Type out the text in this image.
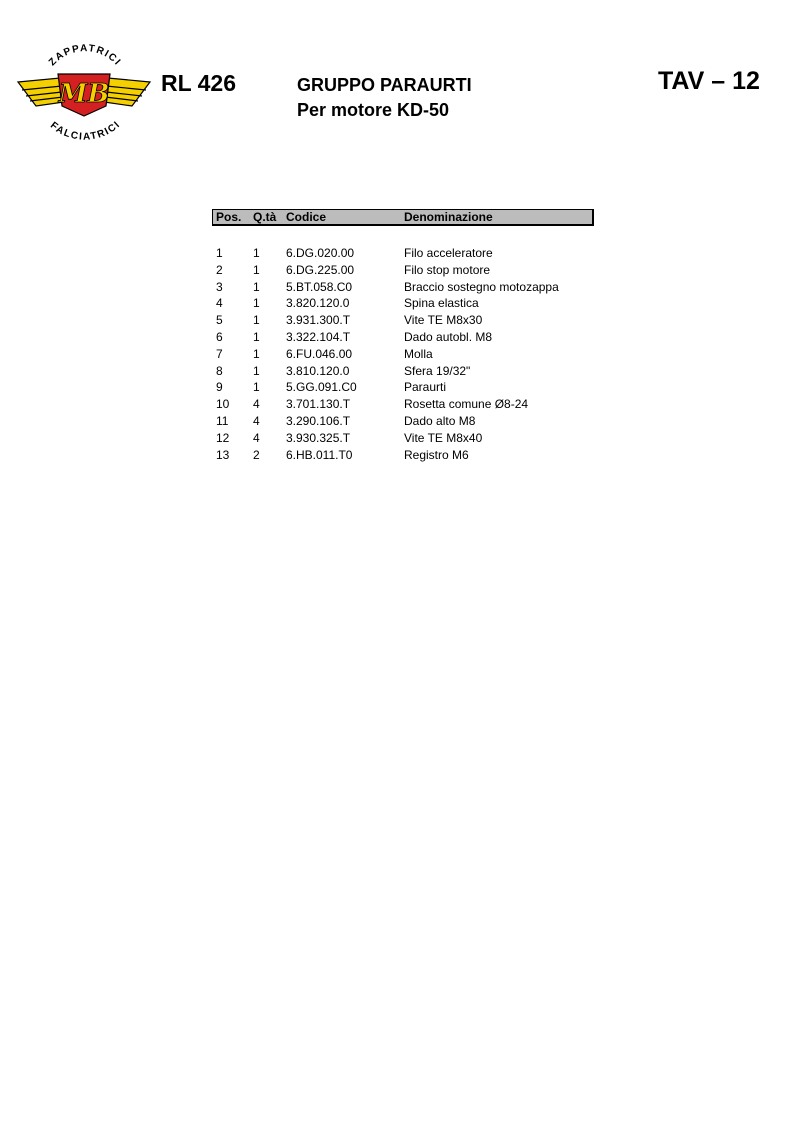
MB
ZAPPATRICI
FALCIATRICI
RL 426	GRUPPO PARAURTI
Per motore KD-50
TAV – 12
Pos. Q.tà Codice	Denominazione
1	1 6.DG.020.00	Filo acceleratore
2	1 6.DG.225.00	Filo stop motore
3	1 5.BT.058.C0	Braccio sostegno motozappa
4	1 3.820.120.0	Spina elastica
5	1 3.931.300.T	Vite TE M8x30
6	1 3.322.104.T	Dado autobl. M8
7	1 6.FU.046.00	Molla
8	1 3.810.120.0	Sfera 19/32"
9	1 5.GG.091.C0	Paraurti
10 4 3.701.130.T	Rosetta comune Ø8-24
11 4 3.290.106.T	Dado alto M8
12 4 3.930.325.T	Vite TE M8x40
13 2 6.HB.011.T0	Registro M6
